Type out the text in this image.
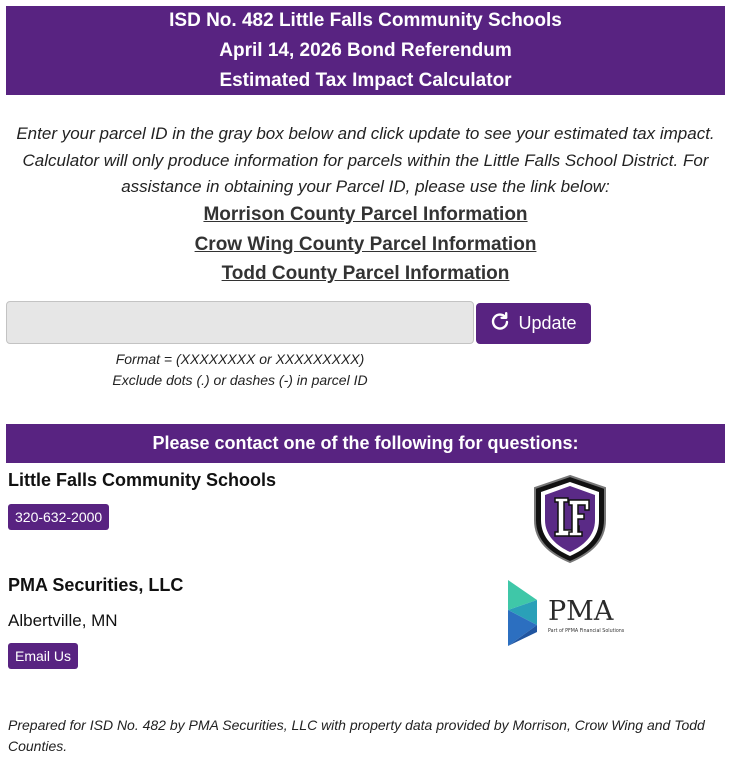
ISD No. 482 Little Falls Community Schools
April 14, 2026 Bond Referendum
Estimated Tax Impact Calculator
Enter your parcel ID in the gray box below and click update to see your estimated tax impact. Calculator will only produce information for parcels within the Little Falls School District. For assistance in obtaining your Parcel ID, please use the link below:
Morrison County Parcel Information
Crow Wing County Parcel Information
Todd County Parcel Information
Update
Format = (XXXXXXXX or XXXXXXXXX)
Exclude dots (.) or dashes (-) in parcel ID
Please contact one of the following for questions:
Little Falls Community Schools
320-632-2000
PMA Securities, LLC
Albertville, MN
Email Us
PMA
Part of PFMA Financial Solutions
Prepared for ISD No. 482 by PMA Securities, LLC with property data provided by Morrison, Crow Wing and Todd Counties.
